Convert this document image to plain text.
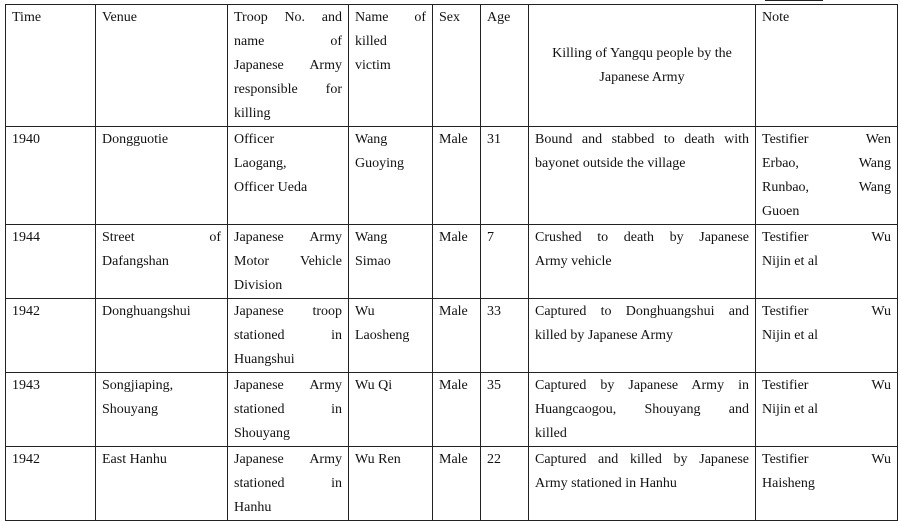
Time	Venue	Troop No. and
name of
Japanese Army
responsible for
killing	Name of
killed
victim	Sex	Age	Killing of Yangqu people by the
Japanese Army	Note
1940	Dongguotie	Officer
Laogang,
Officer Ueda	Wang
Guoying	Male	31	Bound and stabbed to death with
bayonet outside the village	Testifier Wen
Erbao, Wang
Runbao, Wang
Guoen

1944	Street of
Dafangshan	Japanese Army
Motor Vehicle
Division	Wang
Simao	Male	7	Crushed to death by Japanese
Army vehicle	Testifier Wu
Nijin et al

1942	Donghuangshui	Japanese troop
stationed in
Huangshui	Wu
Laosheng	Male	33	Captured to Donghuangshui and
killed by Japanese Army	Testifier Wu
Nijin et al

1943	Songjiaping,
Shouyang	Japanese Army
stationed in
Shouyang	Wu Qi	Male	35	Captured by Japanese Army in
Huangcaogou, Shouyang and
killed	Testifier Wu
Nijin et al

1942	East Hanhu	Japanese Army
stationed in
Hanhu	Wu Ren	Male	22	Captured and killed by Japanese
Army stationed in Hanhu	Testifier Wu
Haisheng
